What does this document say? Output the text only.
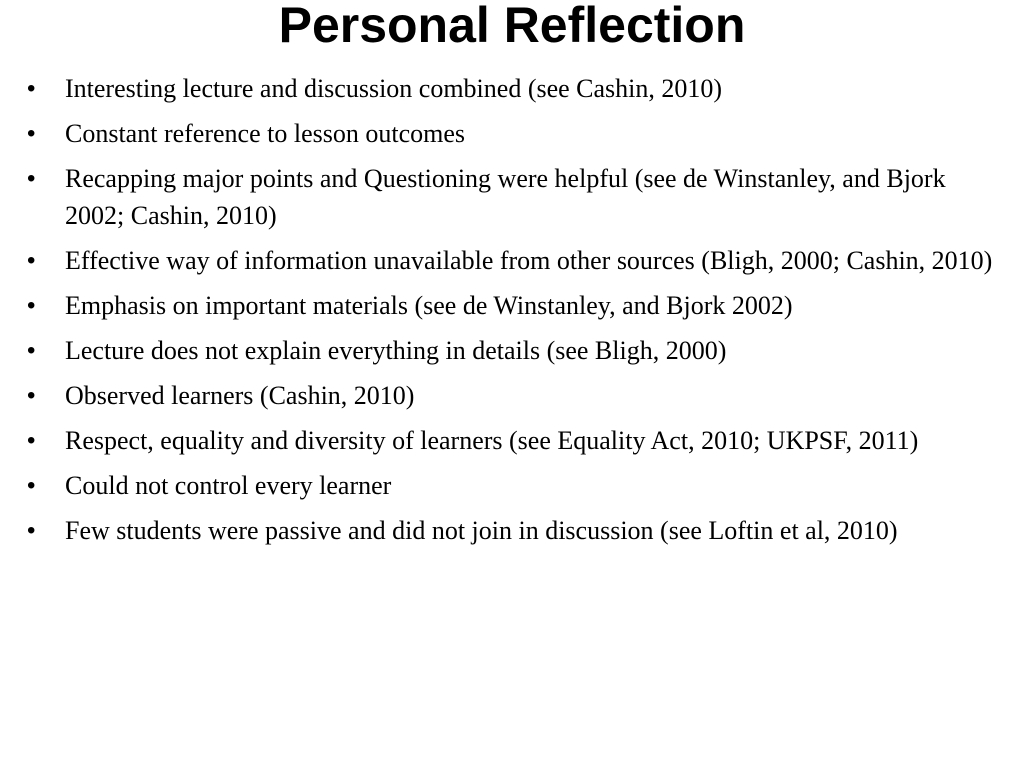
Personal Reflection
• Interesting lecture and discussion combined (see Cashin, 2010)
• Constant reference to lesson outcomes
• Recapping major points and Questioning were helpful (see de Winstanley, and Bjork 2002; Cashin, 2010)
• Effective way of information unavailable from other sources (Bligh, 2000; Cashin, 2010)
• Emphasis on important materials (see de Winstanley, and Bjork 2002)
• Lecture does not explain everything in details (see Bligh, 2000)
• Observed learners (Cashin, 2010)
• Respect, equality and diversity of learners (see Equality Act, 2010; UKPSF, 2011)
• Could not control every learner
• Few students were passive and did not join in discussion (see Loftin et al, 2010)
